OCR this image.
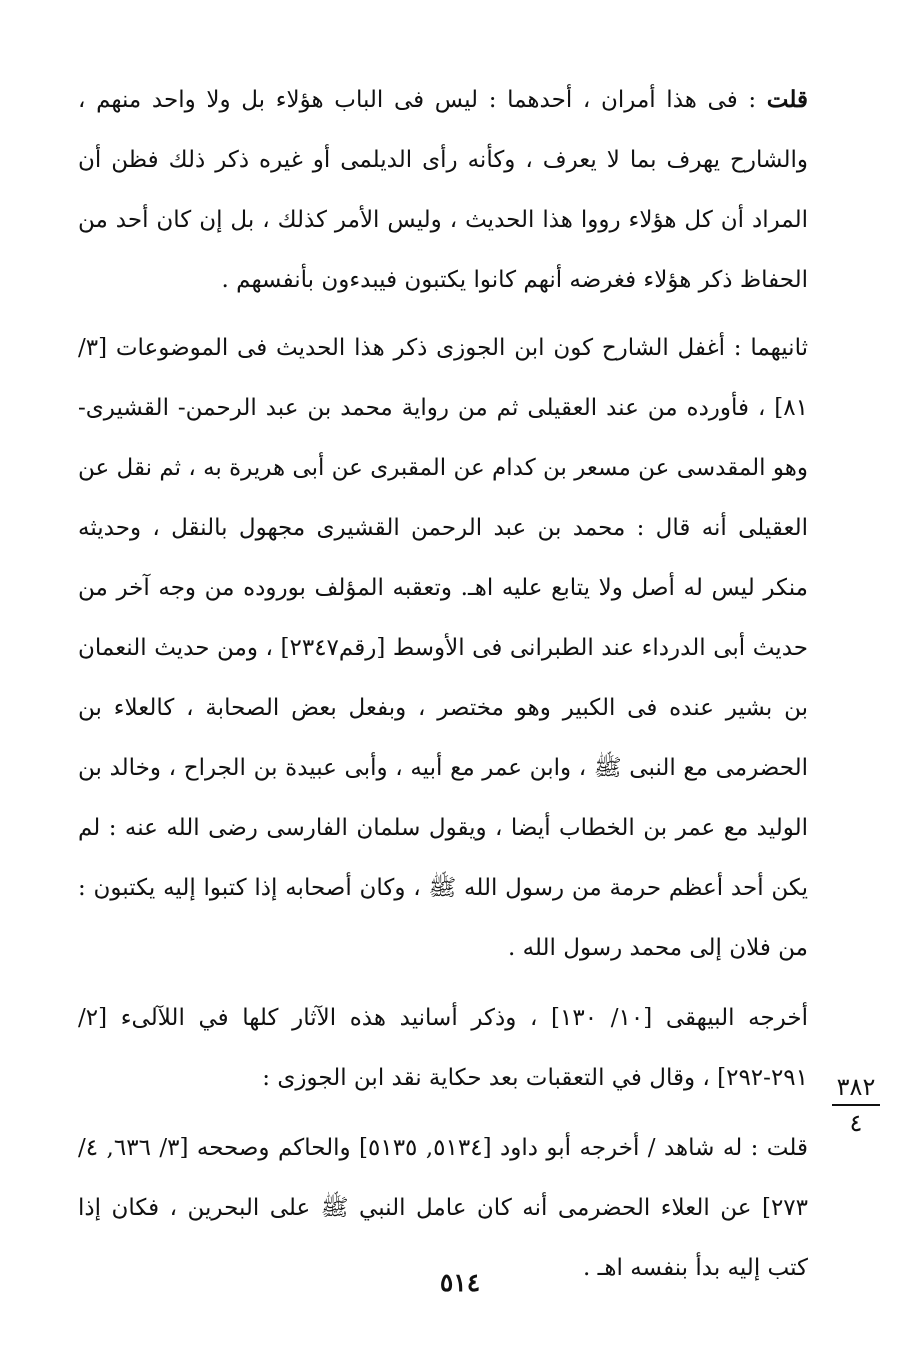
قلت : فى هذا أمران ، أحدهما : ليس فى الباب هؤلاء بل ولا واحد منهم ، والشارح يهرف بما لا يعرف ، وكأنه رأى الديلمى أو غيره ذكر ذلك فظن أن المراد أن كل هؤلاء رووا هذا الحديث ، وليس الأمر كذلك ، بل إن كان أحد من الحفاظ ذكر هؤلاء فغرضه أنهم كانوا يكتبون فيبدءون بأنفسهم .

ثانيهما : أغفل الشارح كون ابن الجوزى ذكر هذا الحديث فى الموضوعات [٣/ ٨١] ، فأورده من عند العقيلى ثم من رواية محمد بن عبد الرحمن- القشيرى- وهو المقدسى عن مسعر بن كدام عن المقبرى عن أبى هريرة به ، ثم نقل عن العقيلى أنه قال : محمد بن عبد الرحمن القشيرى مجهول بالنقل ، وحديثه منكر ليس له أصل ولا يتابع عليه اهـ. وتعقبه المؤلف بوروده من وجه آخر من حديث أبى الدرداء عند الطبرانى فى الأوسط [رقم٢٣٤٧] ، ومن حديث النعمان بن بشير عنده فى الكبير وهو مختصر ، وبفعل بعض الصحابة ، كالعلاء بن الحضرمى مع النبى ﷺ ، وابن عمر مع أبيه ، وأبى عبيدة بن الجراح ، وخالد بن الوليد مع عمر بن الخطاب أيضا ، ويقول سلمان الفارسى رضى الله عنه : لم يكن أحد أعظم حرمة من رسول الله ﷺ ، وكان أصحابه إذا كتبوا إليه يكتبون : من فلان إلى محمد رسول الله .

أخرجه البيهقى [١٠/ ١٣٠] ، وذكر أسانيد هذه الآثار كلها في اللآلىء [٢/ ٢٩١-٢٩٢] ، وقال في التعقبات بعد حكاية نقد ابن الجوزى :

قلت : له شاهد / أخرجه أبو داود [٥١٣٤, ٥١٣٥] والحاكم وصححه [٣/ ٦٣٦, ٤/ ٢٧٣] عن العلاء الحضرمى أنه كان عامل النبي ﷺ على البحرين ، فكان إذا كتب إليه بدأ بنفسه اهـ .

٣٨٢
٤
٥١٤
